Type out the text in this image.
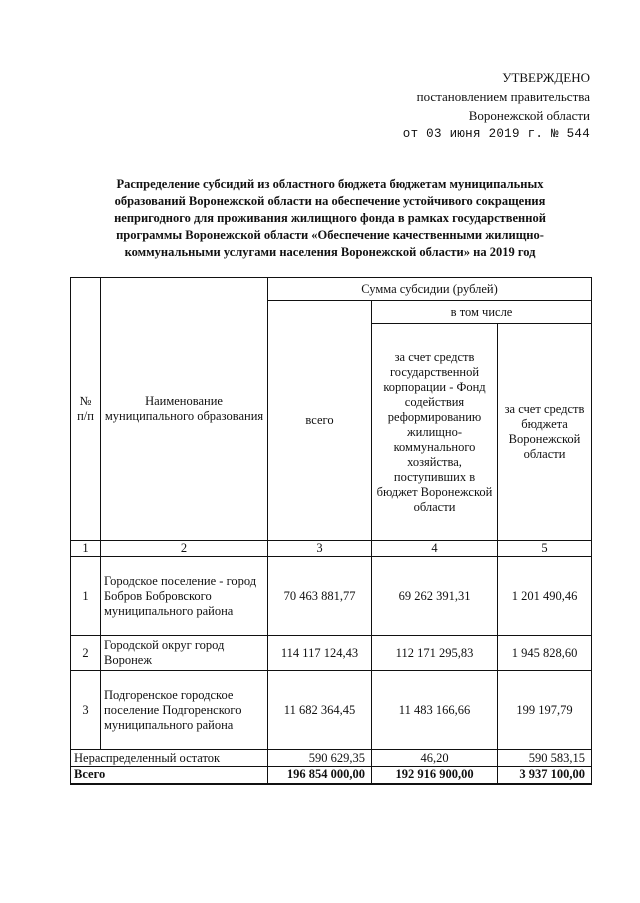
УТВЕРЖДЕНО
постановлением правительства
Воронежской области
от 03 июня 2019 г. № 544
Распределение субсидий из областного бюджета бюджетам муниципальных образований Воронежской области на обеспечение устойчивого сокращения непригодного для проживания жилищного фонда в рамках государственной программы Воронежской области «Обеспечение качественными жилищно-коммунальными услугами населения Воронежской области» на 2019 год
№ п/п	Наименование муниципального образования	Сумма субсидии (рублей)		
		всего	в том числе	
			за счет средств государственной корпорации - Фонд содействия реформированию жилищно-коммунального хозяйства, поступивших в бюджет Воронежской области	за счет средств бюджета Воронежской области
1	2	3	4	5
1	Городское поселение - город Бобров Бобровского муниципального района	70 463 881,77	69 262 391,31	1 201 490,46
2	Городской округ город Воронеж	114 117 124,43	112 171 295,83	1 945 828,60
3	Подгоренское городское поселение Подгоренского муниципального района	11 682 364,45	11 483 166,66	199 197,79
Нераспределенный остаток		590 629,35	46,20	590 583,15
Всего		196 854 000,00	192 916 900,00	3 937 100,00
